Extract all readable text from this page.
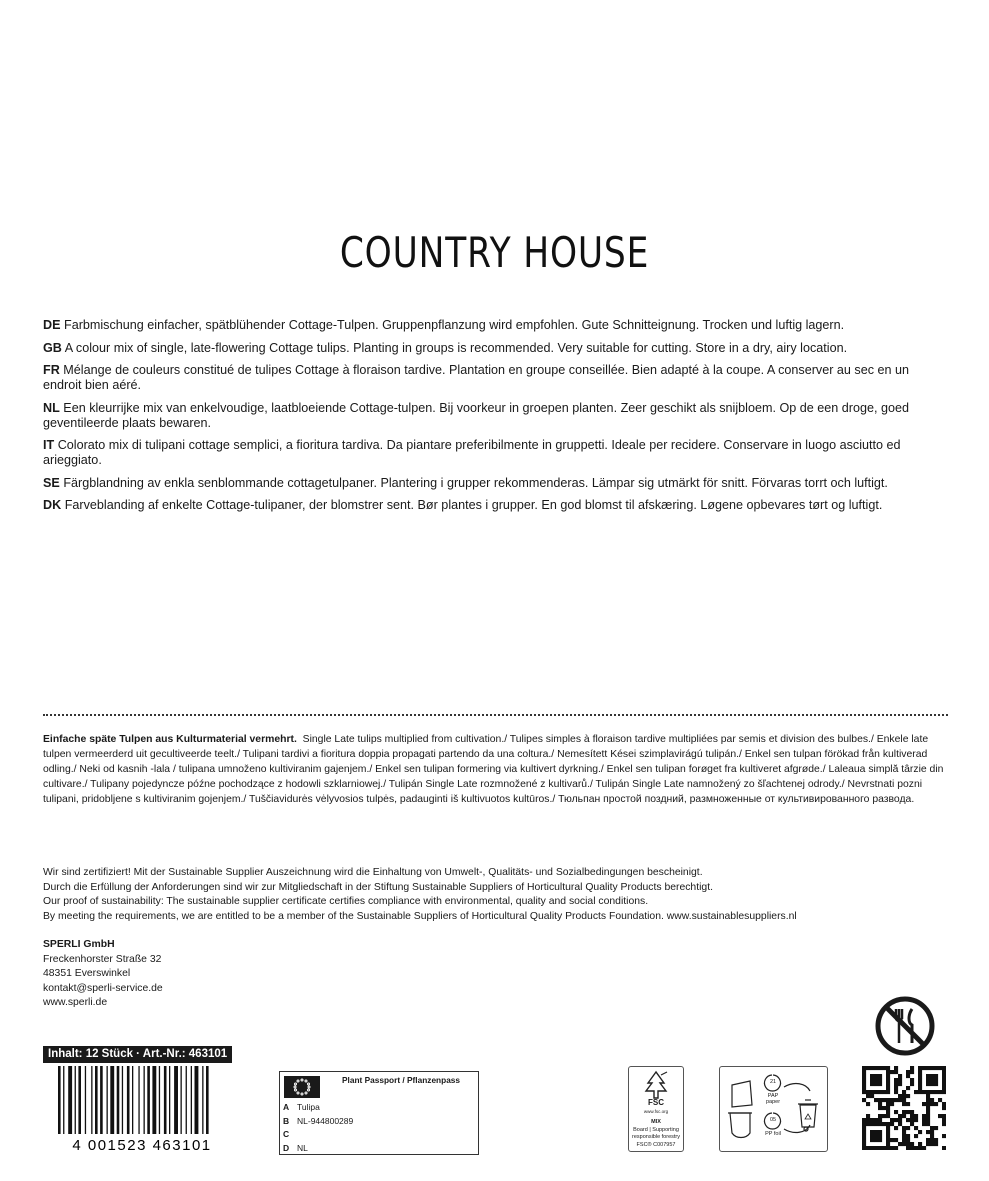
COUNTRY HOUSE

DE Farbmischung einfacher, spätblühender Cottage-Tulpen. Gruppenpflanzung wird empfohlen. Gute Schnitteignung. Trocken und luftig lagern.

GB A colour mix of single, late-flowering Cottage tulips. Planting in groups is recommended. Very suitable for cutting. Store in a dry, airy location.

FR Mélange de couleurs constitué de tulipes Cottage à floraison tardive. Plantation en groupe conseillée. Bien adapté à la coupe. A conserver au sec en un endroit bien aéré.

NL Een kleurrijke mix van enkelvoudige, laatbloeiende Cottage-tulpen. Bij voorkeur in groepen planten. Zeer geschikt als snijbloem. Op de een droge, goed geventileerde plaats bewaren.

IT Colorato mix di tulipani cottage semplici, a fioritura tardiva. Da piantare preferibilmente in gruppetti. Ideale per recidere. Conservare in luogo asciutto ed arieggiato.

SE Färgblandning av enkla senblommande cottagetulpaner. Plantering i grupper rekommenderas. Lämpar sig utmärkt för snitt. Förvaras torrt och luftigt.

DK Farveblanding af enkelte Cottage-tulipaner, der blomstrer sent. Bør plantes i grupper. En god blomst til afskæring. Løgene opbevares tørt og luftigt.

Einfache späte Tulpen aus Kulturmaterial vermehrt. Single Late tulips multiplied from cultivation./ Tulipes simples à floraison tardive multipliées par semis et division des bulbes./ Enkele late tulpen vermeerderd uit gecultiveerde teelt./ Tulipani tardivi a fioritura doppia propagati partendo da una coltura./ Nemesített Kései szimplavirágú tulipán./ Enkel sen tulpan förökad från kultiverad odling./ Neki od kasnih -lala / tulipana umnoženo kultiviranim gajenjem./ Enkel sen tulipan formering via kultivert dyrkning./ Enkel sen tulipan forøget fra kultiveret afgrøde./ Laleaua simplă târzie din cultivare./ Tulipany pojedyncze późne pochodzące z hodowli szklarniowej./ Tulipán Single Late rozmnožené z kultivarů./ Tulipán Single Late namnožený zo šľachtenej odrody./ Nevrstnati pozni tulipani, pridobljene s kultiviranim gojenjem./ Tuščiavidurės vėlyvosios tulpės, padauginti iš kultivuotos kultūros./ Тюльпан простой поздний, размноженные от культивированного развода.
Wir sind zertifiziert! Mit der Sustainable Supplier Auszeichnung wird die Einhaltung von Umwelt-, Qualitäts- und Sozialbedingungen bescheinigt.
Durch die Erfüllung der Anforderungen sind wir zur Mitgliedschaft in der Stiftung Sustainable Suppliers of Horticultural Quality Products berechtigt.
Our proof of sustainability: The sustainable supplier certificate certifies compliance with environmental, quality and social conditions.
By meeting the requirements, we are entitled to be a member of the Sustainable Suppliers of Horticultural Quality Products Foundation. www.sustainablesuppliers.nl
SPERLI GmbH
Freckenhorster Straße 32
48351 Everswinkel
kontakt@sperli-service.de
www.sperli.de
Inhalt: 12 Stück · Art.-Nr.: 463101
4 001523 463101
Plant Passport / Pflanzenpass
A Tulipa
B NL-944800289
C
D NL
FSC
www.fsc.org
MIX
Board | Supporting responsible forestry
FSC® C007957
21
PAP paper
05
PP foil
